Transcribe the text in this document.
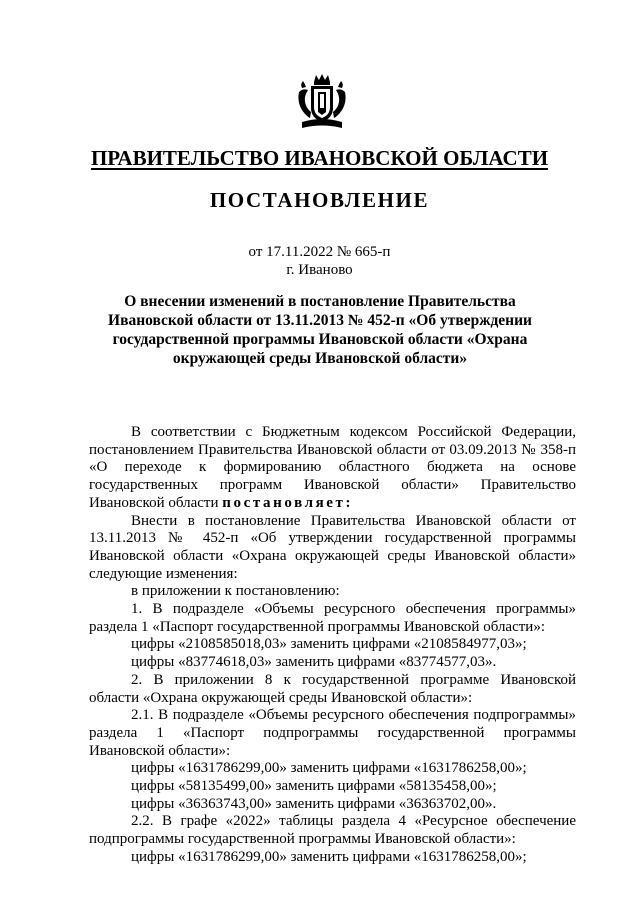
ПРАВИТЕЛЬСТВО ИВАНОВСКОЙ ОБЛАСТИ
ПОСТАНОВЛЕНИЕ
от 17.11.2022 № 665-п
г. Иваново
О внесении изменений в постановление Правительства Ивановской области от 13.11.2013 № 452-п «Об утверждении государственной программы Ивановской области «Охрана окружающей среды Ивановской области»

В соответствии с Бюджетным кодексом Российской Федерации, постановлением Правительства Ивановской области от 03.09.2013 № 358-п «О переходе к формированию областного бюджета на основе государственных программ Ивановской области» Правительство Ивановской области постановляет:

Внести в постановление Правительства Ивановской области от 13.11.2013 № 452-п «Об утверждении государственной программы Ивановской области «Охрана окружающей среды Ивановской области» следующие изменения:

в приложении к постановлению:

1. В подразделе «Объемы ресурсного обеспечения программы» раздела 1 «Паспорт государственной программы Ивановской области»:

цифры «2108585018,03» заменить цифрами «2108584977,03»;

цифры «83774618,03» заменить цифрами «83774577,03».

2. В приложении 8 к государственной программе Ивановской области «Охрана окружающей среды Ивановской области»:

2.1. В подразделе «Объемы ресурсного обеспечения подпрограммы» раздела 1 «Паспорт подпрограммы государственной программы Ивановской области»:

цифры «1631786299,00» заменить цифрами «1631786258,00»;

цифры «58135499,00» заменить цифрами «58135458,00»;

цифры «36363743,00» заменить цифрами «36363702,00».

2.2. В графе «2022» таблицы раздела 4 «Ресурсное обеспечение подпрограммы государственной программы Ивановской области»:

цифры «1631786299,00» заменить цифрами «1631786258,00»;
